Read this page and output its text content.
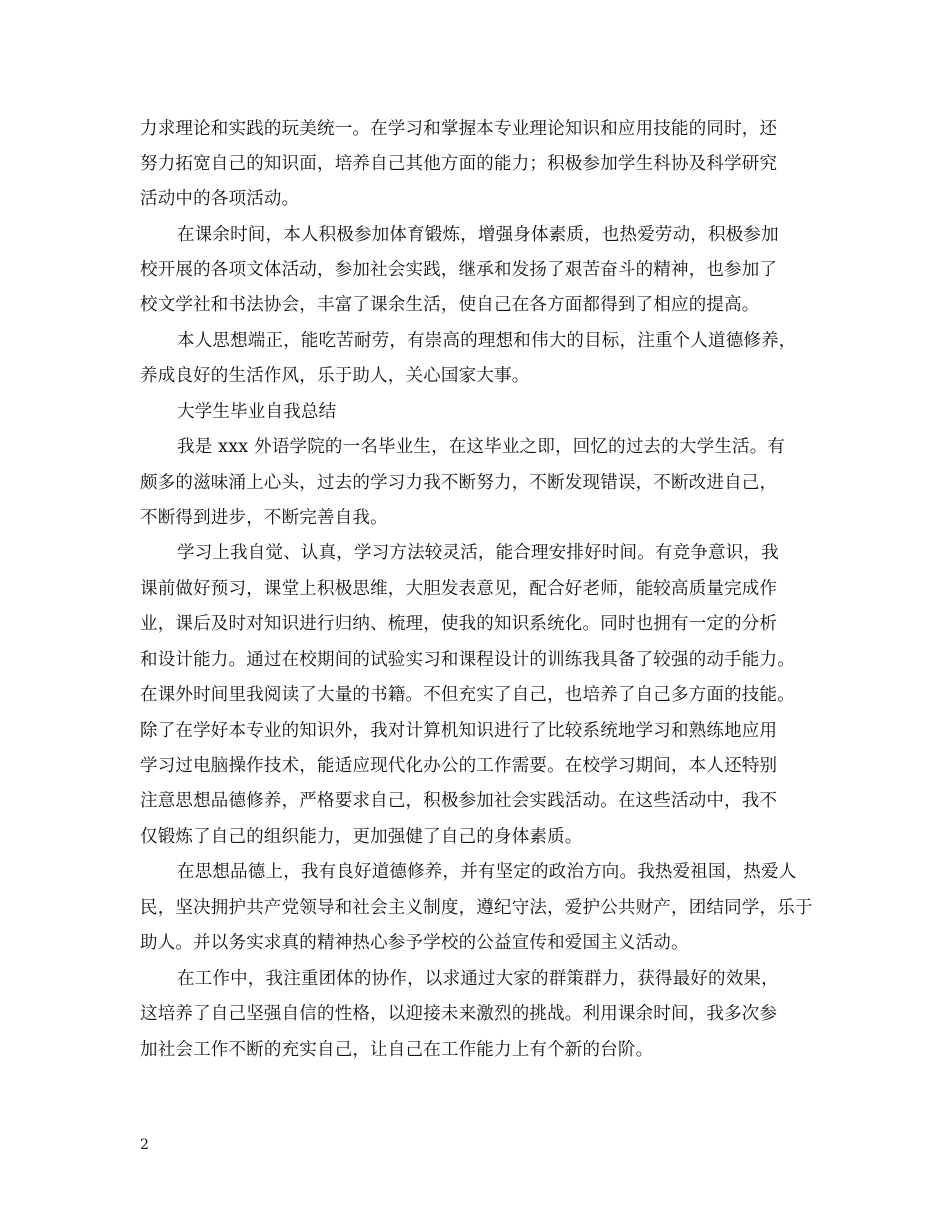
力求理论和实践的玩美统一。在学习和掌握本专业理论知识和应用技能的同时，还
努力拓宽自己的知识面，培养自己其他方面的能力；积极参加学生科协及科学研究
活动中的各项活动。
在课余时间，本人积极参加体育锻炼，增强身体素质，也热爱劳动，积极参加
校开展的各项文体活动，参加社会实践，继承和发扬了艰苦奋斗的精神，也参加了
校文学社和书法协会，丰富了课余生活，使自己在各方面都得到了相应的提高。
本人思想端正，能吃苦耐劳，有崇高的理想和伟大的目标，注重个人道德修养，
养成良好的生活作风，乐于助人，关心国家大事。
大学生毕业自我总结
我是 xxx 外语学院的一名毕业生，在这毕业之即，回忆的过去的大学生活。有
颇多的滋味涌上心头，过去的学习力我不断努力，不断发现错误，不断改进自己，
不断得到进步，不断完善自我。
学习上我自觉、认真，学习方法较灵活，能合理安排好时间。有竞争意识，我
课前做好预习，课堂上积极思维，大胆发表意见，配合好老师，能较高质量完成作
业，课后及时对知识进行归纳、梳理，使我的知识系统化。同时也拥有一定的分析
和设计能力。通过在校期间的试验实习和课程设计的训练我具备了较强的动手能力。
在课外时间里我阅读了大量的书籍。不但充实了自己，也培养了自己多方面的技能。
除了在学好本专业的知识外，我对计算机知识进行了比较系统地学习和熟练地应用
学习过电脑操作技术，能适应现代化办公的工作需要。在校学习期间，本人还特别
注意思想品德修养，严格要求自己，积极参加社会实践活动。在这些活动中，我不
仅锻炼了自己的组织能力，更加强健了自己的身体素质。
在思想品德上，我有良好道德修养，并有坚定的政治方向。我热爱祖国，热爱人
民，坚决拥护共产党领导和社会主义制度，遵纪守法，爱护公共财产，团结同学，乐于
助人。并以务实求真的精神热心参予学校的公益宣传和爱国主义活动。
在工作中，我注重团体的协作，以求通过大家的群策群力，获得最好的效果，
这培养了自己坚强自信的性格，以迎接未来激烈的挑战。利用课余时间，我多次参
加社会工作不断的充实自己，让自己在工作能力上有个新的台阶。
2
